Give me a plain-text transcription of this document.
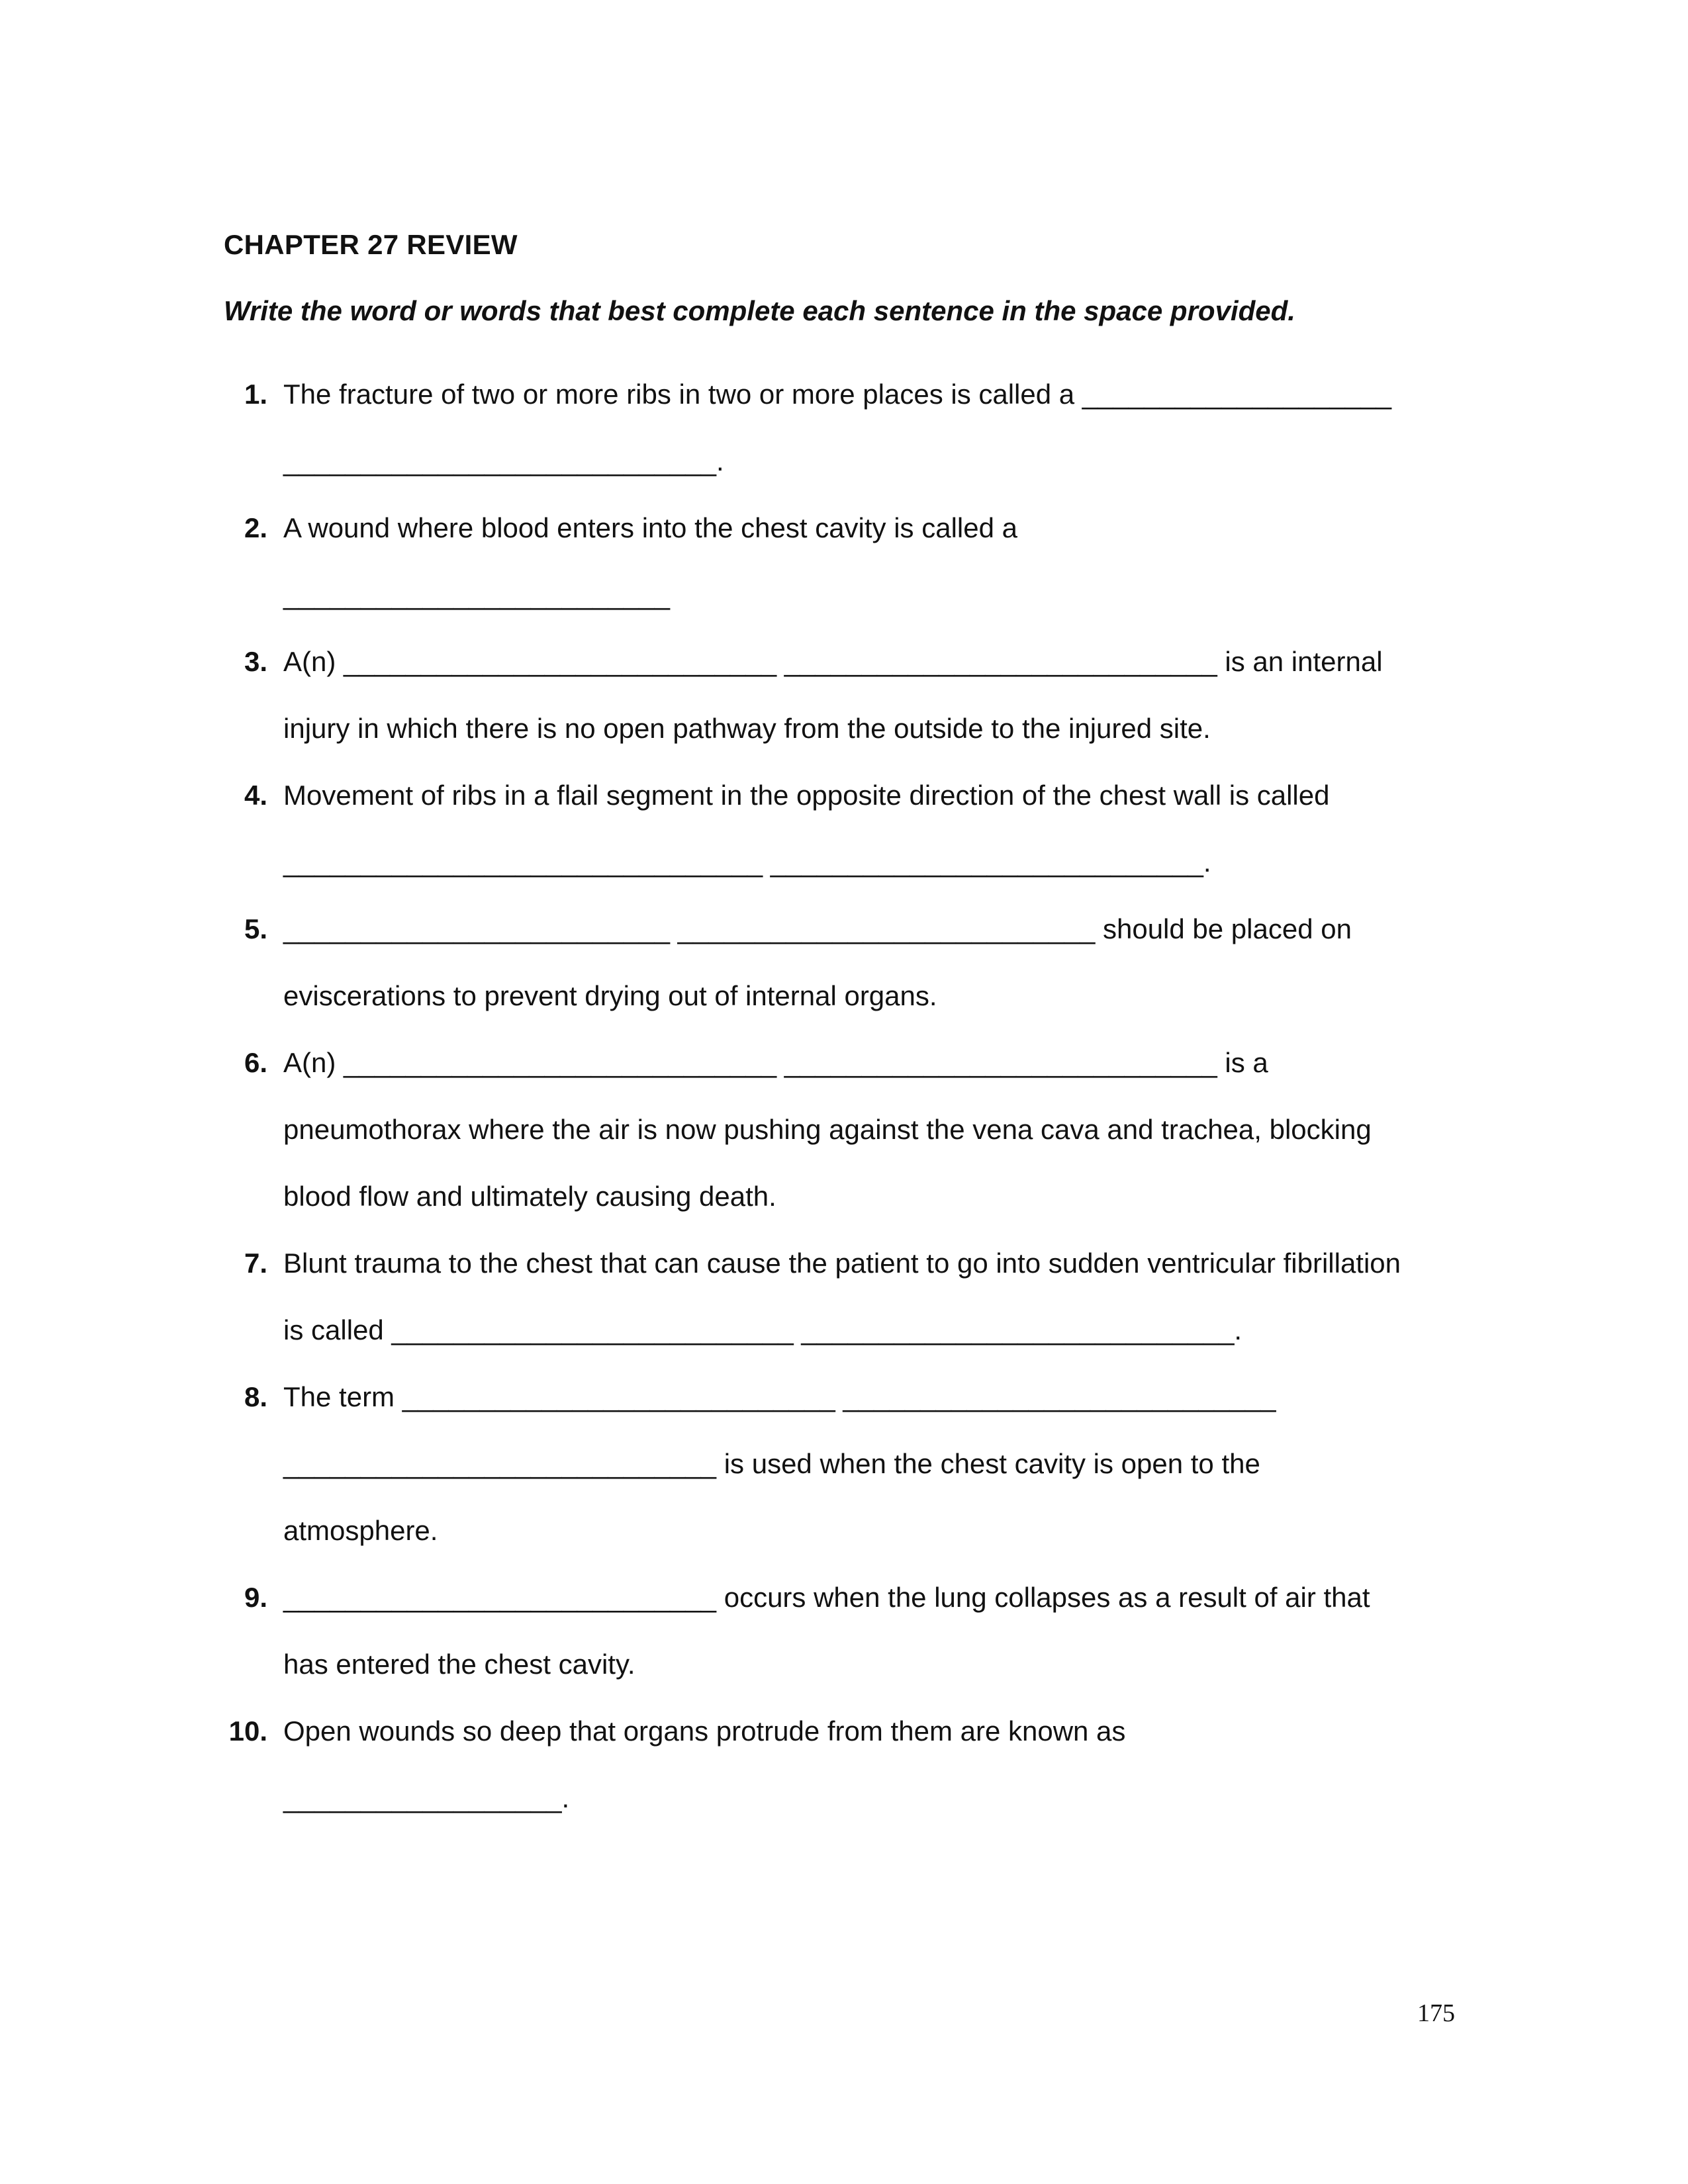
CHAPTER 27 REVIEW

Write the word or words that best complete each sentence in the space provided.

1. The fracture of two or more ribs in two or more places is called a ____________________
____________________________.
2. A wound where blood enters into the chest cavity is called a
_________________________
3. A(n) ____________________________ ____________________________ is an internal
injury in which there is no open pathway from the outside to the injured site.
4. Movement of ribs in a flail segment in the opposite direction of the chest wall is called
_______________________________ ____________________________.
5. _________________________ ___________________________ should be placed on
eviscerations to prevent drying out of internal organs.
6. A(n) ____________________________ ____________________________ is a
pneumothorax where the air is now pushing against the vena cava and trachea, blocking
blood flow and ultimately causing death.
7. Blunt trauma to the chest that can cause the patient to go into sudden ventricular fibrillation
is called __________________________ ____________________________.
8. The term ____________________________ ____________________________
____________________________ is used when the chest cavity is open to the
atmosphere.
9. ____________________________ occurs when the lung collapses as a result of air that
has entered the chest cavity.
10. Open wounds so deep that organs protrude from them are known as
__________________.
175
